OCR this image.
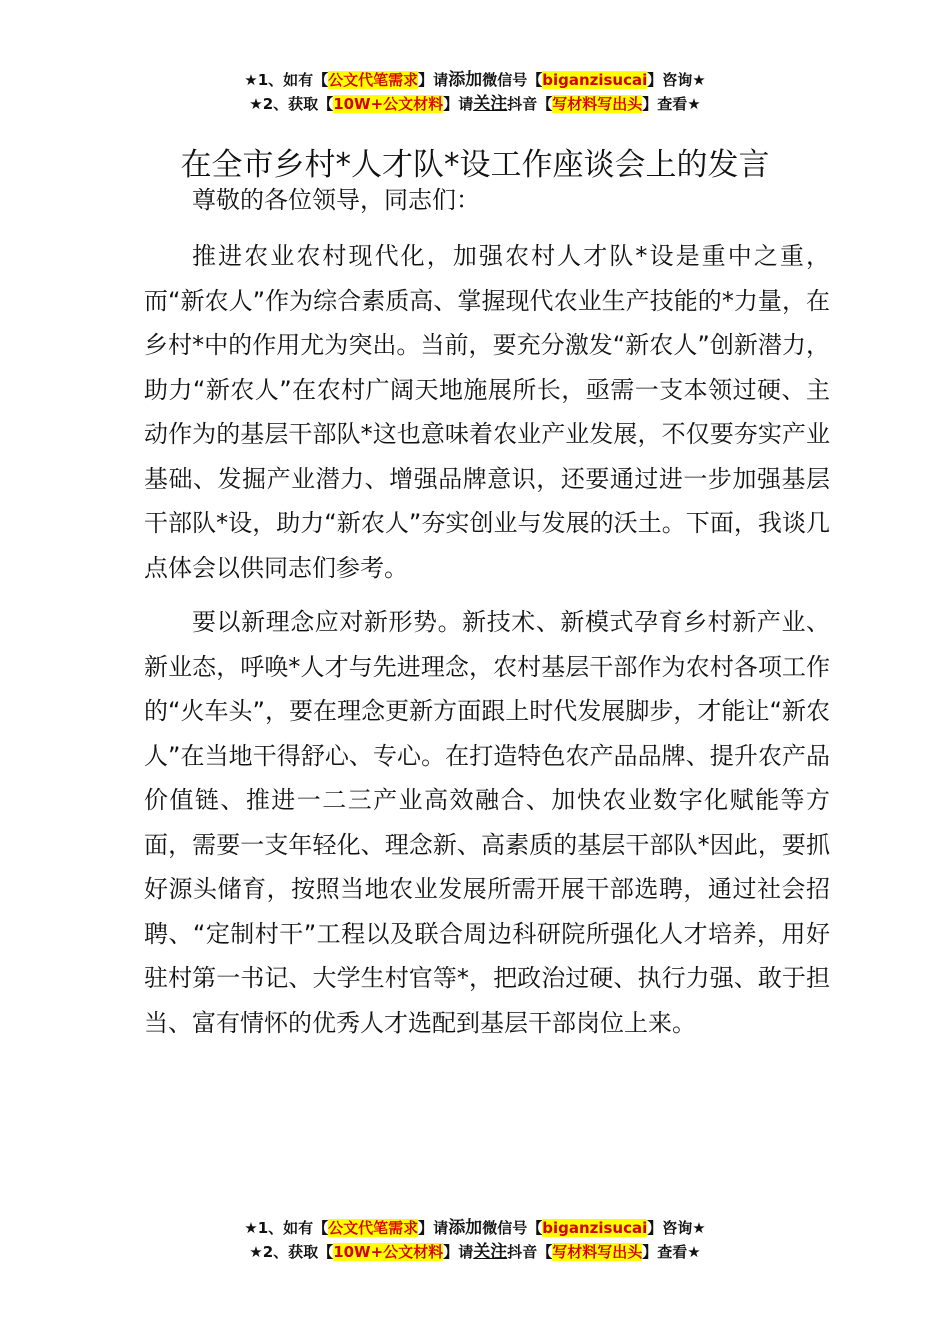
★1、如有【公文代笔需求】请添加微信号【biganzisucai】咨询★
★2、获取【10W+公文材料】请关注抖音【写材料写出头】查看★
在全市乡村*人才队*设工作座谈会上的发言

尊敬的各位领导，同志们：

推进农业农村现代化，加强农村人才队*设是重中之重，而“新农人”作为综合素质高、掌握现代农业生产技能的*力量，在乡村*中的作用尤为突出。当前，要充分激发“新农人”创新潜力，助力“新农人”在农村广阔天地施展所长，亟需一支本领过硬、主动作为的基层干部队*这也意味着农业产业发展，不仅要夯实产业基础、发掘产业潜力、增强品牌意识，还要通过进一步加强基层干部队*设，助力“新农人”夯实创业与发展的沃土。下面，我谈几点体会以供同志们参考。

要以新理念应对新形势。新技术、新模式孕育乡村新产业、新业态，呼唤*人才与先进理念，农村基层干部作为农村各项工作的“火车头”，要在理念更新方面跟上时代发展脚步，才能让“新农人”在当地干得舒心、专心。在打造特色农产品品牌、提升农产品价值链、推进一二三产业高效融合、加快农业数字化赋能等方面，需要一支年轻化、理念新、高素质的基层干部队*因此，要抓好源头储育，按照当地农业发展所需开展干部选聘，通过社会招聘、“定制村干”工程以及联合周边科研院所强化人才培养，用好驻村第一书记、大学生村官等*，把政治过硬、执行力强、敢于担当、富有情怀的优秀人才选配到基层干部岗位上来。

★1、如有【公文代笔需求】请添加微信号【biganzisucai】咨询★
★2、获取【10W+公文材料】请关注抖音【写材料写出头】查看★
